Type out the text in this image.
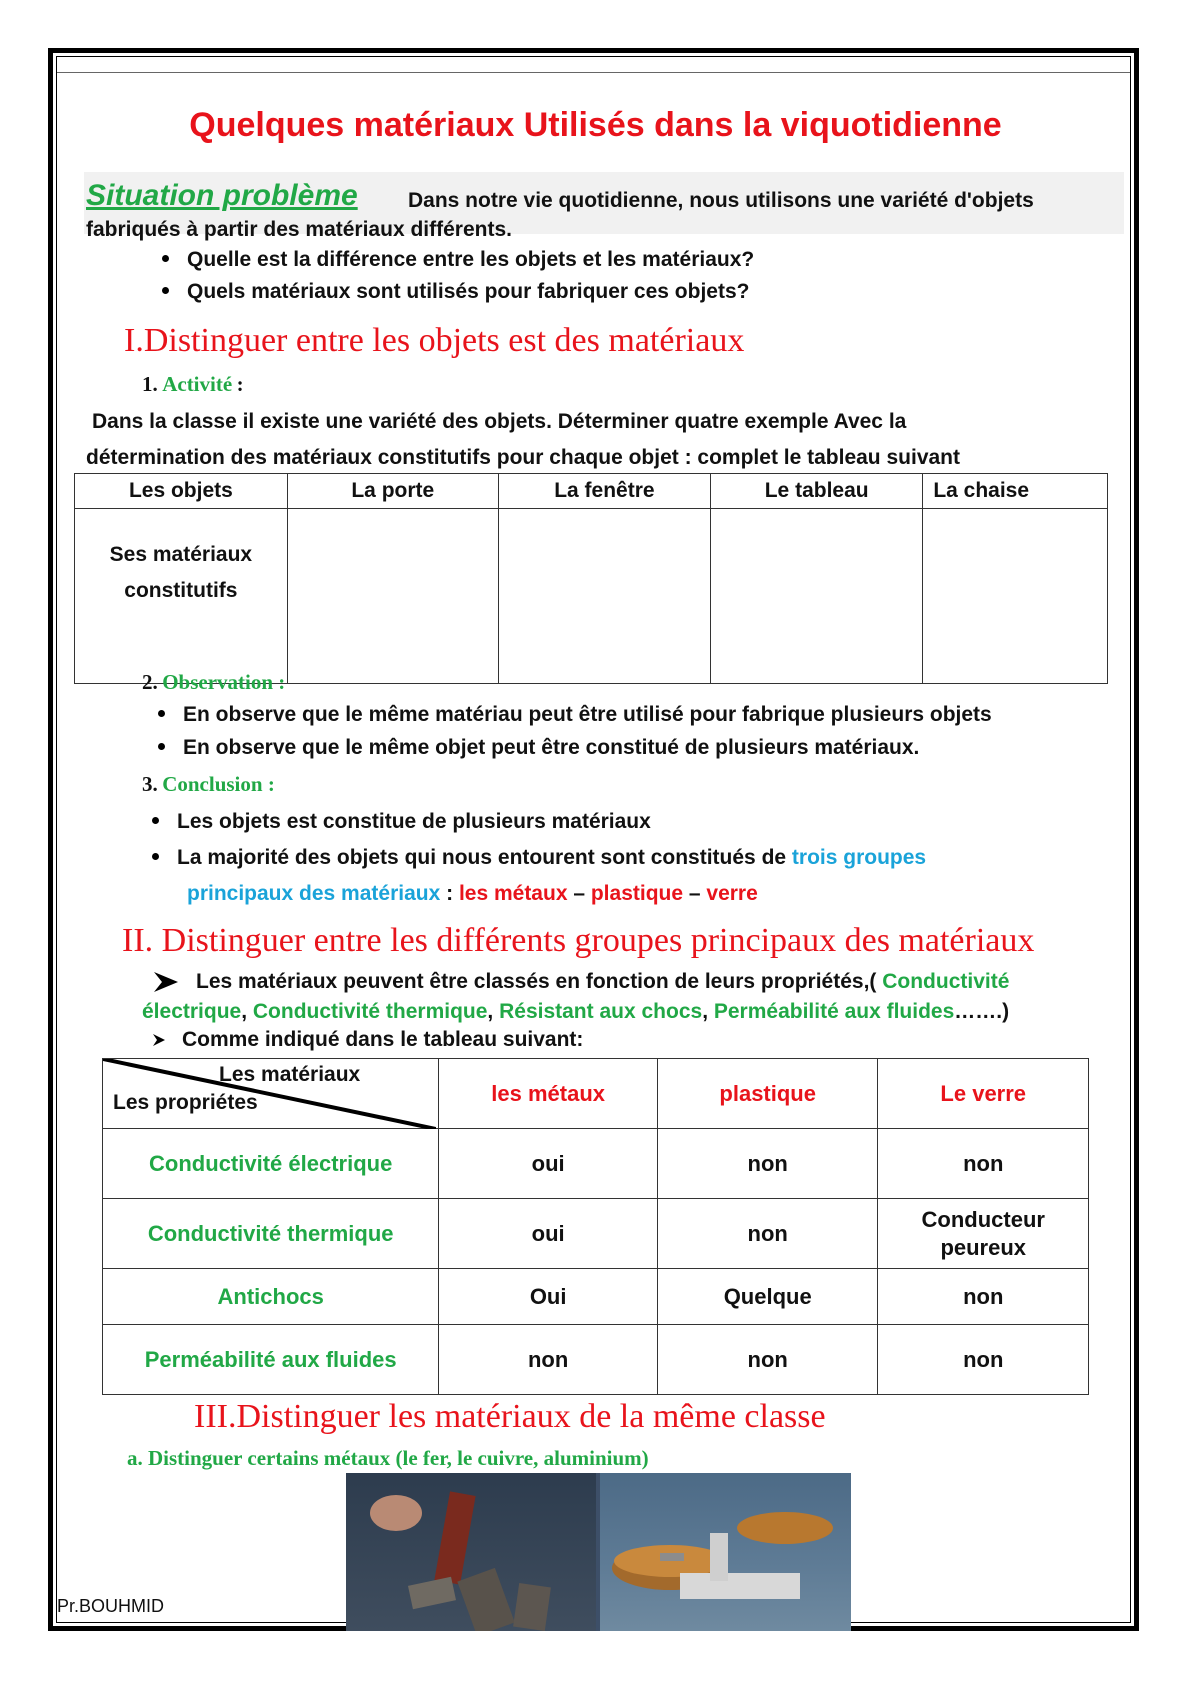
Quelques matériaux Utilisés dans la viquotidienne
Situation problème Dans notre vie quotidienne, nous utilisons une variété d'objets
fabriqués à partir des matériaux différents.
Quelle est la différence entre les objets et les matériaux?
Quels matériaux sont utilisés pour fabriquer ces objets?
I.Distinguer entre les objets est des matériaux
1. Activité :
Dans la classe il existe une variété des objets. Déterminer quatre exemple Avec la
détermination des matériaux constitutifs pour chaque objet : complet le tableau suivant
Les objets	La porte	La fenêtre	Le tableau	La chaise

Ses matériaux
constitutifs				

2. Observation :
En observe que le même matériau peut être utilisé pour fabrique plusieurs objets
En observe que le même objet peut être constitué de plusieurs matériaux.
3. Conclusion :
Les objets est constitue de plusieurs matériaux
La majorité des objets qui nous entourent sont constitués de trois groupes
principaux des matériaux : les métaux – plastique – verre
II. Distinguer entre les différents groupes principaux des matériaux
Les matériaux peuvent être classés en fonction de leurs propriétés,( Conductivité
électrique, Conductivité thermique, Résistant aux chocs, Perméabilité aux fluides…….)
Comme indiqué dans le tableau suivant:
Les matériaux
Les propriétes	les métaux	plastique	Le verre
Conductivité électrique	oui	non	non
Conductivité thermique	oui	non	Conducteur
peureux

Antichocs	Oui	Quelque	non
Perméabilité aux fluides	non	non	non
III.Distinguer les matériaux de la même classe
a. Distinguer certains métaux (le fer, le cuivre, aluminium)
Pr.BOUHMID
